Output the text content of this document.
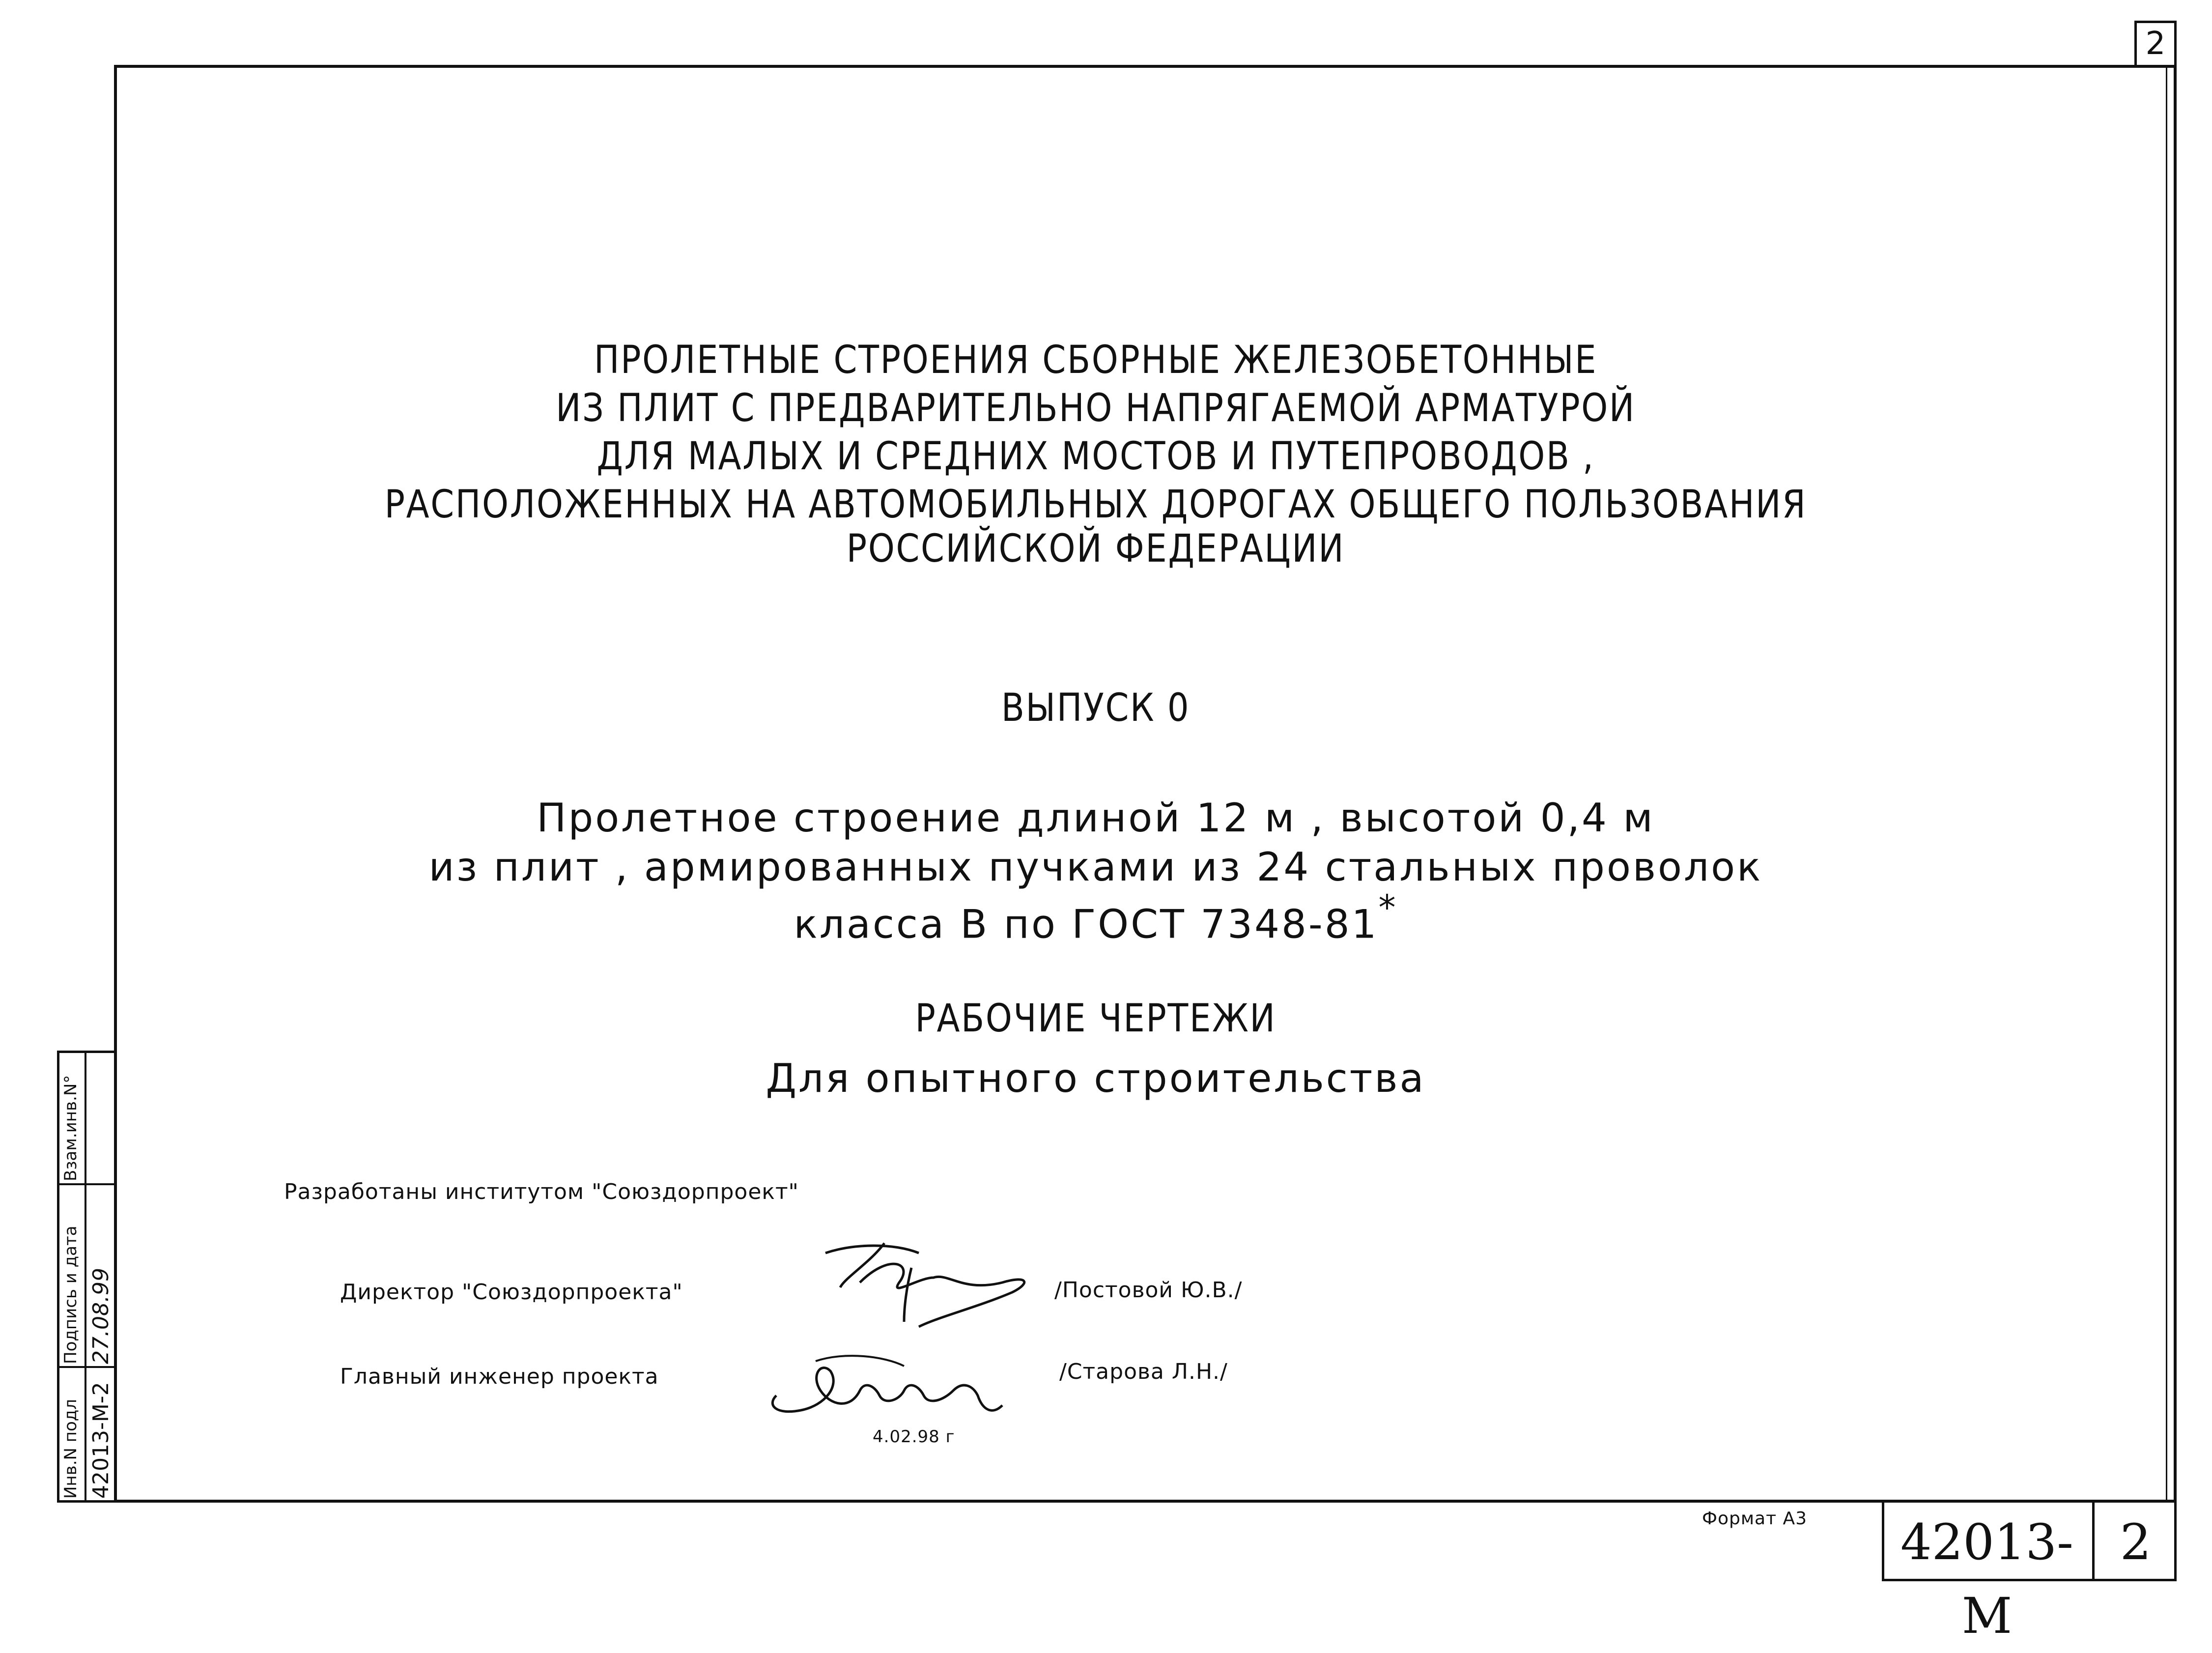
2
ПРОЛЕТНЫЕ СТРОЕНИЯ СБОРНЫЕ ЖЕЛЕЗОБЕТОННЫЕ
ИЗ ПЛИТ С ПРЕДВАРИТЕЛЬНО НАПРЯГАЕМОЙ АРМАТУРОЙ
ДЛЯ МАЛЫХ И СРЕДНИХ МОСТОВ И ПУТЕПРОВОДОВ ,
РАСПОЛОЖЕННЫХ НА АВТОМОБИЛЬНЫХ ДОРОГАХ ОБЩЕГО ПОЛЬЗОВАНИЯ
РОССИЙСКОЙ ФЕДЕРАЦИИ
ВЫПУСК 0
Пролетное строение длиной 12 м , высотой 0,4 м
из плит , армированных пучками из 24 стальных проволок
класса В по ГОСТ 7348-81*
РАБОЧИЕ ЧЕРТЕЖИ
Для опытного строительства
Разработаны институтом "Союздорпроект"
Директор "Союздорпроекта"	/Постовой Ю.В./
Главный инженер проекта	/Старова Л.Н./
4.02.98 г
Инв.N подл 42013-М-2
Подпись и дата 27.08.99
Взам.инв.N°
Формат А3	42013-М
2
